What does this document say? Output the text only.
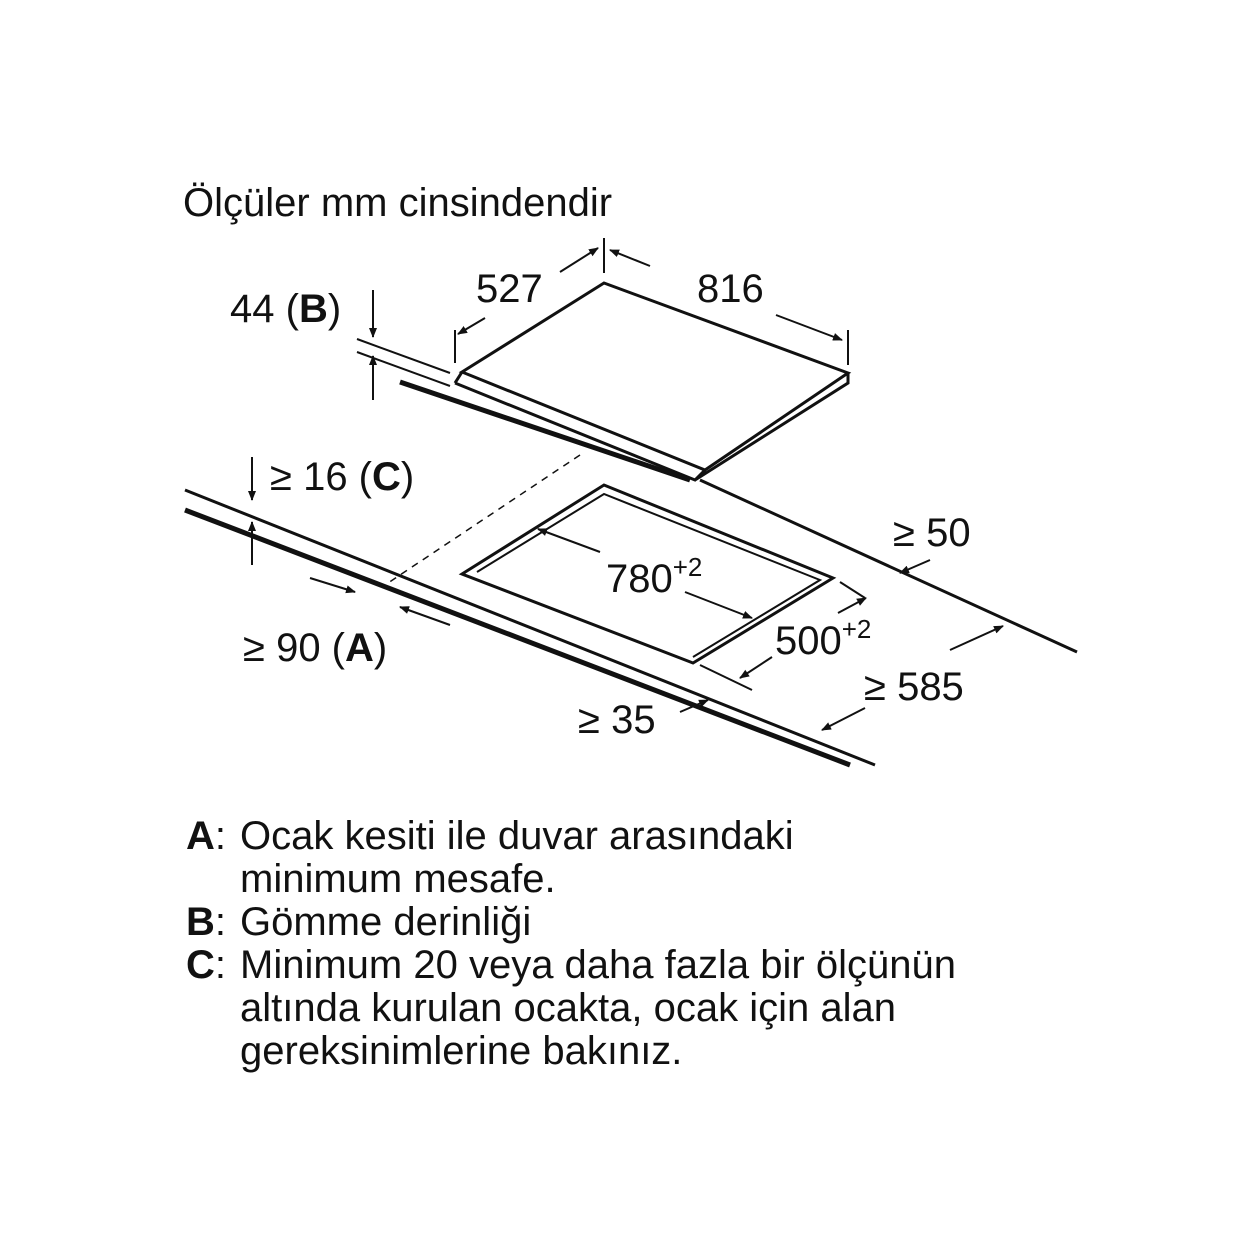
Ölçüler mm cinsindendir
527	816
44 (B)
≥ 16 (C)
$780^{+2}$
$500^{+2}$
≥ 50
≥ 90 (A)
≥ 35
≥ 585
A: Ocak kesiti ile duvar arasındaki
minimum mesafe.
B: Gömme derinliği
C: Minimum 20 veya daha fazla bir ölçünün
altında kurulan ocakta, ocak için alan
gereksinimlerine bakınız.
